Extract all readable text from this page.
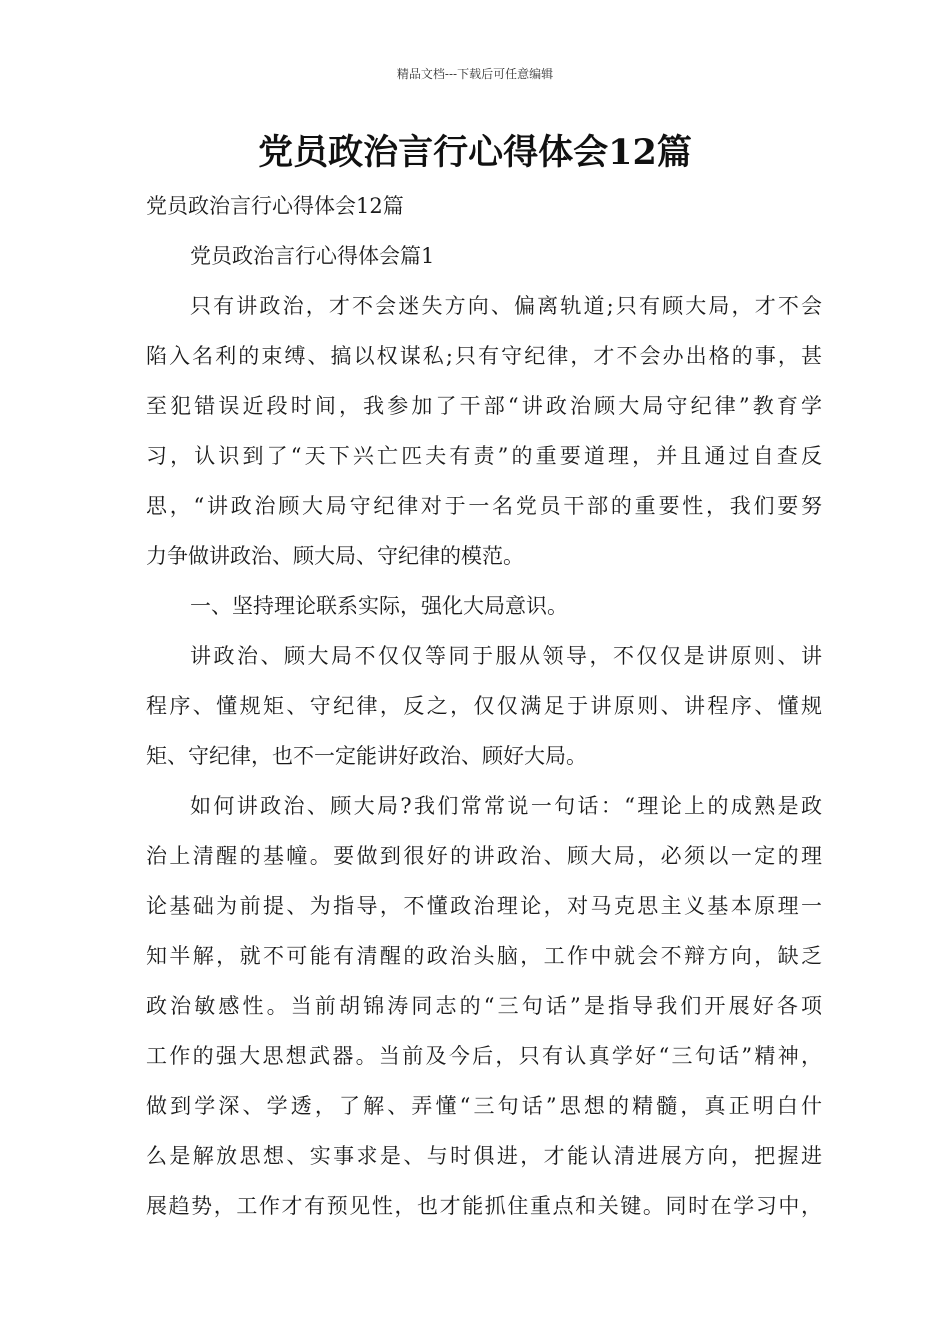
精品文档---下载后可任意编辑
党员政治言行心得体会12篇
党员政治言行心得体会12篇
党员政治言行心得体会篇1
只有讲政治，才不会迷失方向、偏离轨道;只有顾大局，才不会
陷入名利的束缚、搞以权谋私;只有守纪律，才不会办出格的事，甚
至犯错误近段时间，我参加了干部“讲政治顾大局守纪律”教育学
习，认识到了“天下兴亡匹夫有责”的重要道理，并且通过自查反
思，“讲政治顾大局守纪律对于一名党员干部的重要性，我们要努
力争做讲政治、顾大局、守纪律的模范。
一、坚持理论联系实际，强化大局意识。
讲政治、顾大局不仅仅等同于服从领导，不仅仅是讲原则、讲
程序、懂规矩、守纪律，反之，仅仅满足于讲原则、讲程序、懂规
矩、守纪律，也不一定能讲好政治、顾好大局。
如何讲政治、顾大局?我们常常说一句话：“理论上的成熟是政
治上清醒的基幢。要做到很好的讲政治、顾大局，必须以一定的理
论基础为前提、为指导，不懂政治理论，对马克思主义基本原理一
知半解，就不可能有清醒的政治头脑，工作中就会不辩方向，缺乏
政治敏感性。当前胡锦涛同志的“三句话”是指导我们开展好各项
工作的强大思想武器。当前及今后，只有认真学好“三句话”精神，
做到学深、学透，了解、弄懂“三句话”思想的精髓，真正明白什
么是解放思想、实事求是、与时俱进，才能认清进展方向，把握进
展趋势，工作才有预见性，也才能抓住重点和关键。同时在学习中，
